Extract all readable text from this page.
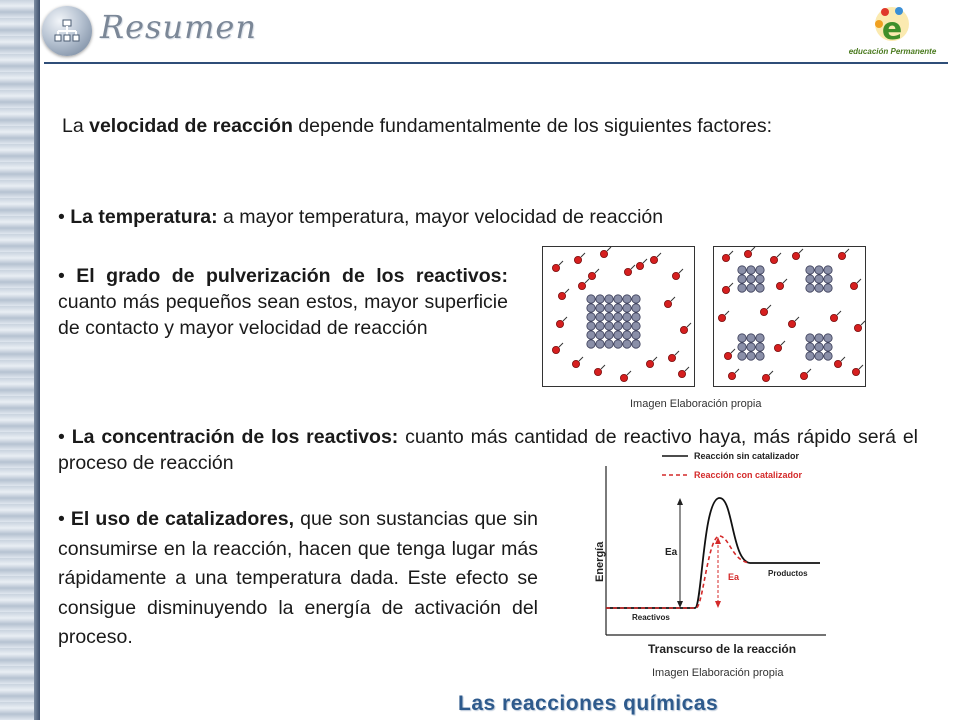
Resumen	e
educación Permanente
La velocidad de reacción depende fundamentalmente de los siguientes factores:
• La temperatura: a mayor temperatura, mayor velocidad de reacción
• El grado de pulverización de los reactivos: cuanto más pequeños sean estos, mayor superficie de contacto y mayor velocidad de reacción
Imagen Elaboración propia
• La concentración de los reactivos: cuanto más cantidad de reactivo haya, más rápido será el proceso de reacción
• El uso de catalizadores, que son sustancias que sin consumirse en la reacción, hacen que tenga lugar más rápidamente a una temperatura dada. Este efecto se consigue disminuyendo la energía de activación del proceso.
Reacción sin catalizador
Reacción con catalizador
Energía
Transcurso de la reacción
Ea
Ea	Productos
Reactivos
Imagen Elaboración propia
Las reacciones químicas
